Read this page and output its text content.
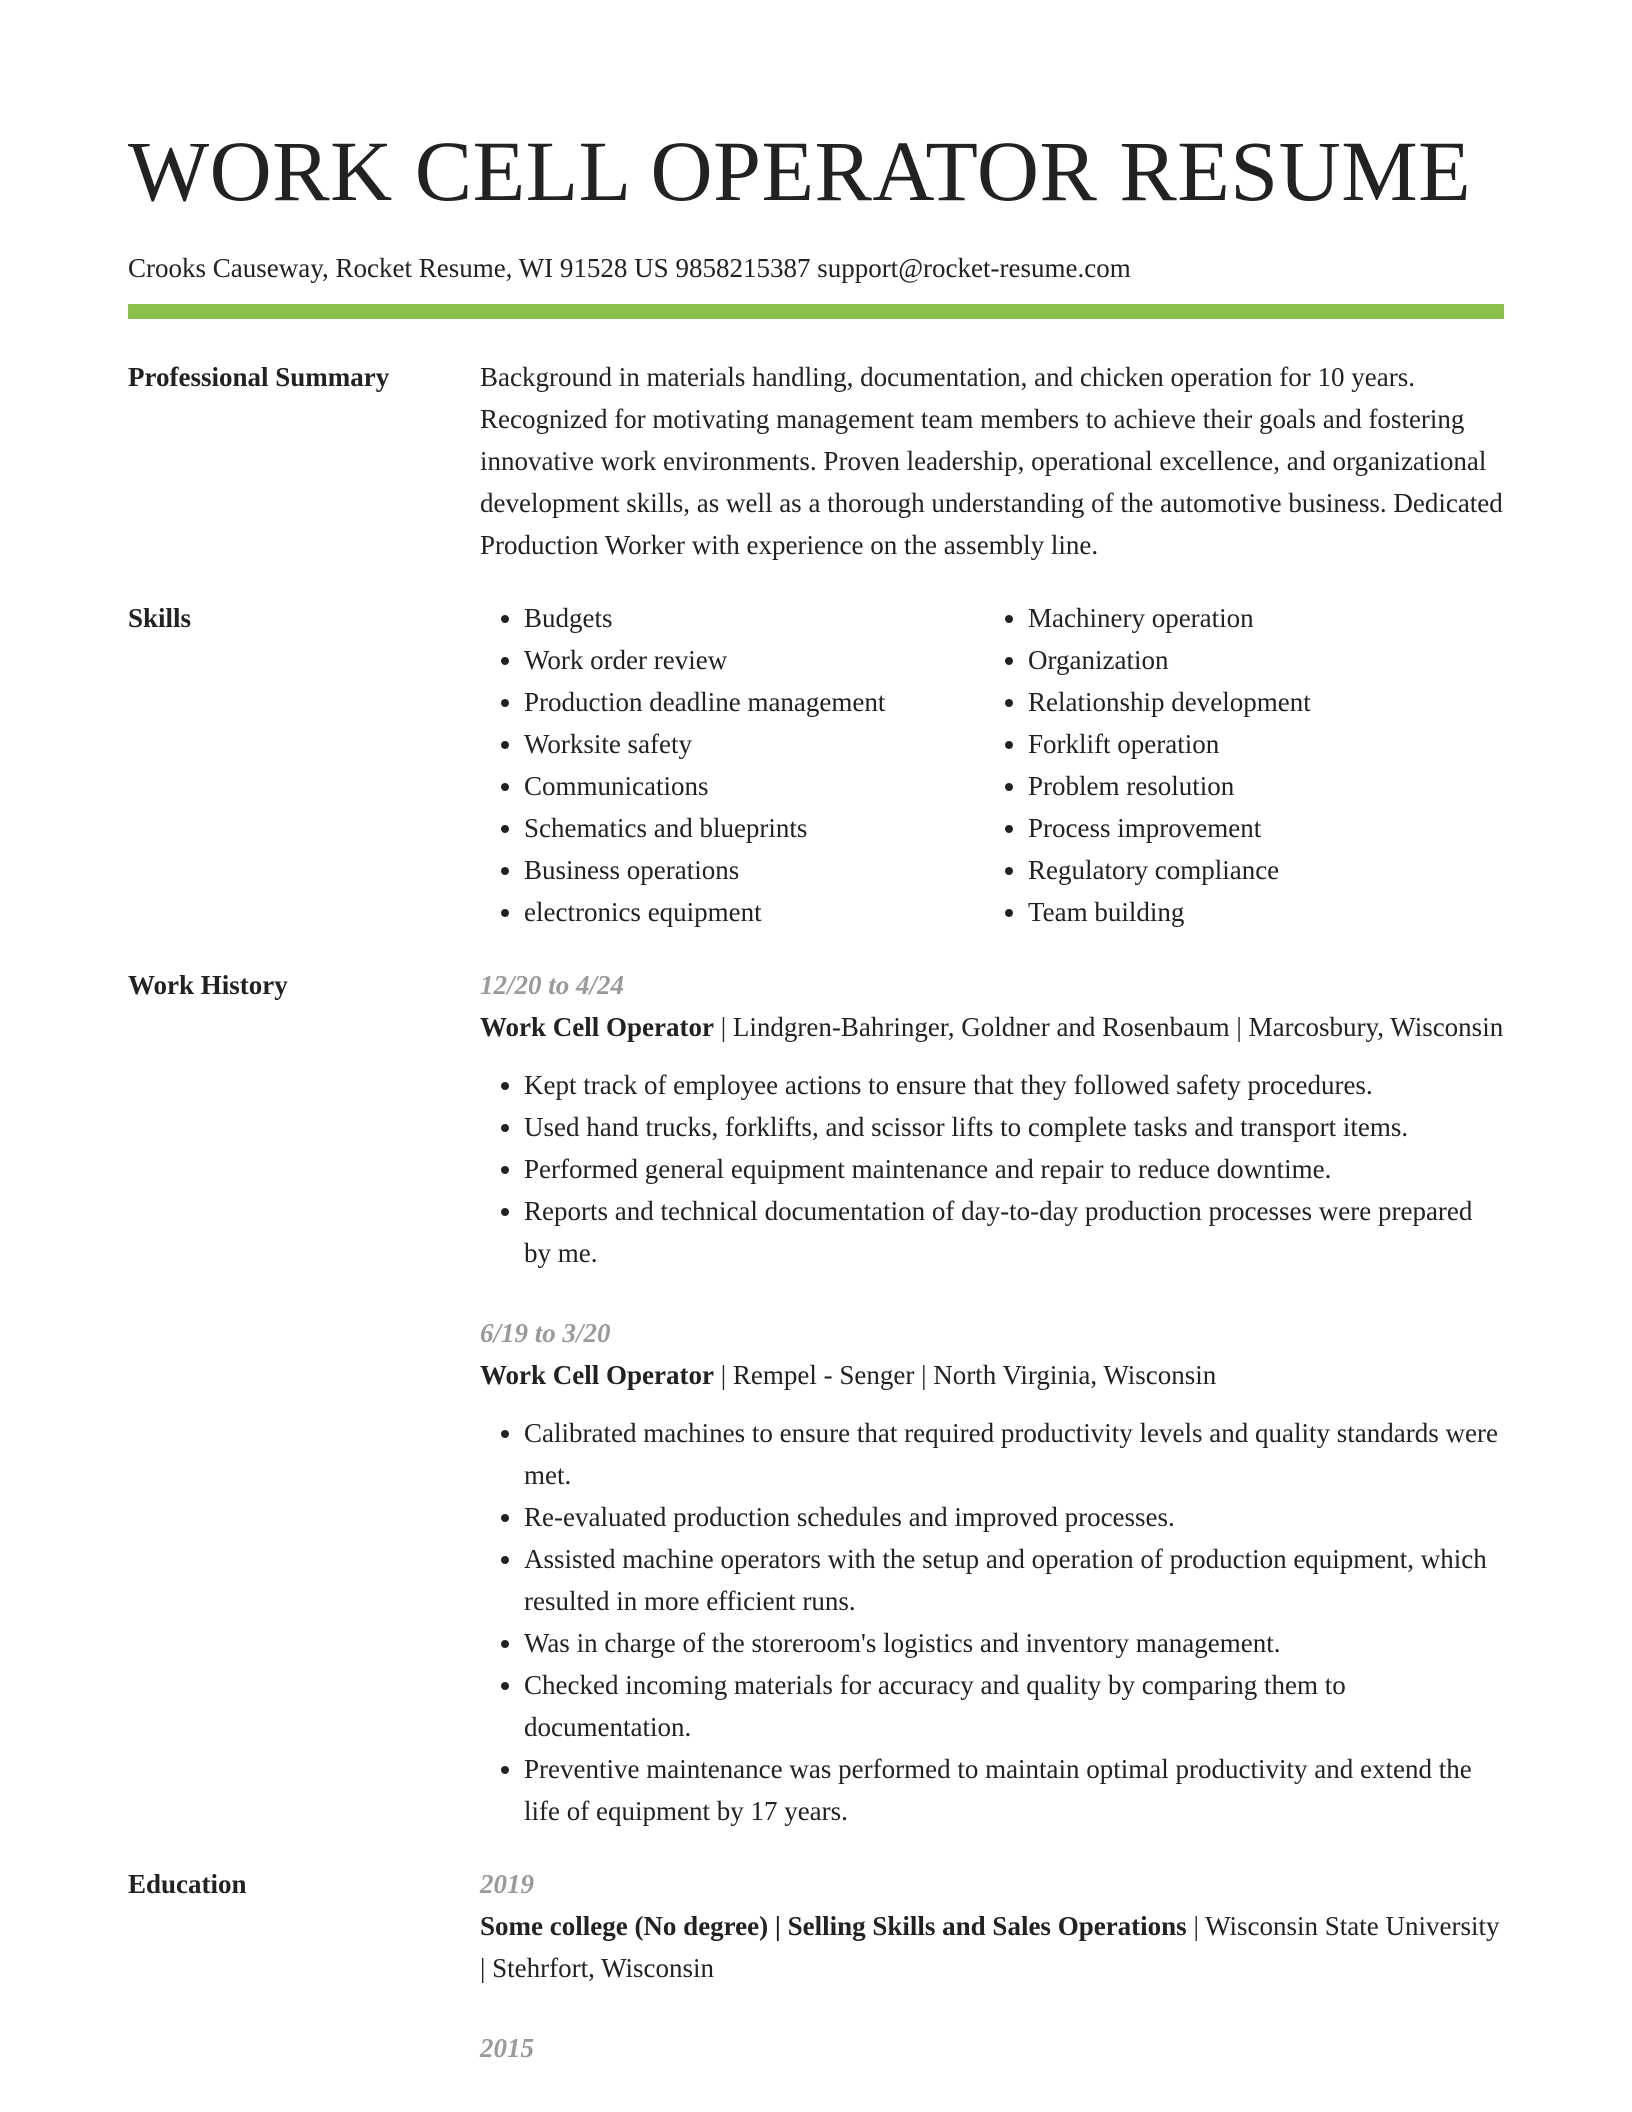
WORK CELL OPERATOR RESUME
Crooks Causeway, Rocket Resume, WI 91528 US 9858215387 support@rocket-resume.com
Professional Summary	Background in materials handling, documentation, and chicken operation for 10 years. Recognized for motivating management team members to achieve their goals and fostering innovative work environments. Proven leadership, operational excellence, and organizational development skills, as well as a thorough understanding of the automotive business. Dedicated Production Worker with experience on the assembly line.
Skills
•	Budgets
• Work order review
• Production deadline management
• Worksite safety
• Communications
• Schematics and blueprints
• Business operations
• electronics equipment
• Machinery operation
• Organization
• Relationship development
• Forklift operation
• Problem resolution
• Process improvement
• Regulatory compliance
• Team building
Work History	12/20 to 4/24
Work Cell Operator | Lindgren-Bahringer, Goldner and Rosenbaum | Marcosbury, Wisconsin
• Kept track of employee actions to ensure that they followed safety procedures.
• Used hand trucks, forklifts, and scissor lifts to complete tasks and transport items.
• Performed general equipment maintenance and repair to reduce downtime.
• Reports and technical documentation of day-to-day production processes were prepared by me.
6/19 to 3/20
Work Cell Operator | Rempel - Senger | North Virginia, Wisconsin
• Calibrated machines to ensure that required productivity levels and quality standards were met.
• Re-evaluated production schedules and improved processes.
• Assisted machine operators with the setup and operation of production equipment, which resulted in more efficient runs.
• Was in charge of the storeroom's logistics and inventory management.
• Checked incoming materials for accuracy and quality by comparing them to documentation.
• Preventive maintenance was performed to maintain optimal productivity and extend the life of equipment by 17 years.
Education	2019
Some college (No degree) | Selling Skills and Sales Operations | Wisconsin State University | Stehrfort, Wisconsin
2015
